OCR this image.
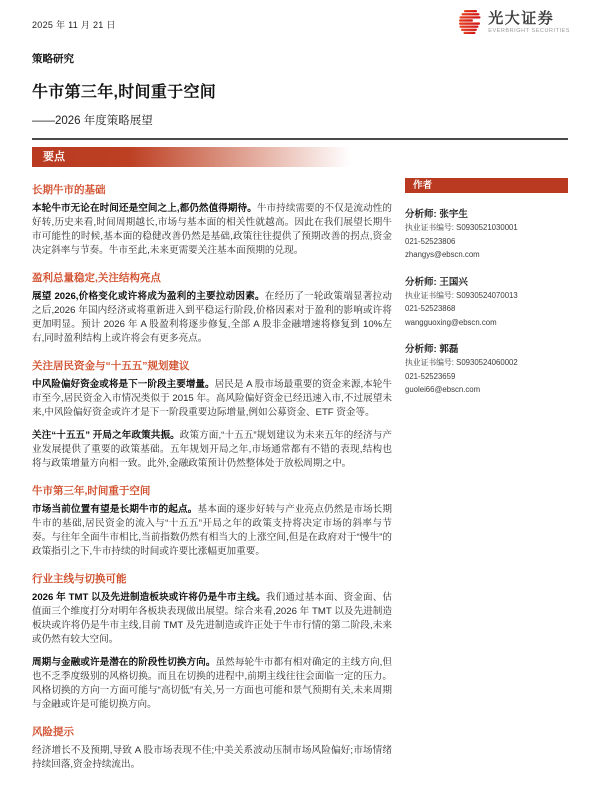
2025 年 11 月 21 日	光大证券
EVERBRIGHT SECURITIES
策略研究
牛市第三年,时间重于空间
——2026 年度策略展望
要点
长期牛市的基础

本轮牛市无论在时间还是空间之上,都仍然值得期待。牛市持续需要的不仅是流动性的好转,历史来看,时间周期越长,市场与基本面的相关性就越高。因此在我们展望长期牛市可能性的时候,基本面的稳健改善仍然是基础,政策往往提供了预期改善的拐点,资金决定斜率与节奏。牛市至此,未来更需要关注基本面预期的兑现。

盈利总量稳定,关注结构亮点

展望 2026,价格变化或许将成为盈利的主要拉动因素。在经历了一轮政策端显著拉动之后,2026 年国内经济或将重新进入到平稳运行阶段,价格因素对于盈利的影响或许将更加明显。预计 2026 年 A 股盈利将逐步修复,全部 A 股非金融增速将修复到 10%左右,同时盈利结构上或许将会有更多亮点。

关注居民资金与“十五五”规划建议

中风险偏好资金或将是下一阶段主要增量。居民是 A 股市场最重要的资金来源,本轮牛市至今,居民资金入市情况类似于 2015 年。高风险偏好资金已经迅速入市,不过展望未来,中风险偏好资金或许才是下一阶段重要边际增量,例如公募资金、ETF 资金等。

关注“十五五” 开局之年政策共振。政策方面,“十五五”规划建议为未来五年的经济与产业发展提供了重要的政策基础。五年规划开局之年,市场通常都有不错的表现,结构也将与政策增量方向相一致。此外,金融政策预计仍然整体处于放松周期之中。

牛市第三年,时间重于空间

市场当前位置有望是长期牛市的起点。基本面的逐步好转与产业亮点仍然是市场长期牛市的基础,居民资金的流入与“十五五”开局之年的政策支持将决定市场的斜率与节奏。与往年全面牛市相比,当前指数仍然有相当大的上涨空间,但是在政府对于“慢牛”的政策指引之下,牛市持续的时间或许要比涨幅更加重要。

行业主线与切换可能

2026 年 TMT 以及先进制造板块或许将仍是牛市主线。我们通过基本面、资金面、估值面三个维度打分对明年各板块表现做出展望。综合来看,2026 年 TMT 以及先进制造板块或许将仍是牛市主线,目前 TMT 及先进制造或许正处于牛市行情的第二阶段,未来或仍然有较大空间。

周期与金融或许是潜在的阶段性切换方向。虽然每轮牛市都有相对确定的主线方向,但也不乏季度级别的风格切换。而且在切换的进程中,前期主线往往会面临一定的压力。风格切换的方向一方面可能与“高切低”有关,另一方面也可能和景气预期有关,未来周期与金融或许是可能切换方向。

风险提示

经济增长不及预期,导致 A 股市场表现不佳;中美关系波动压制市场风险偏好;市场情绪持续回落,资金持续流出。

作者
分析师: 张宇生
执业证书编号: S0930521030001
021-52523806
zhangys@ebscn.com
分析师: 王国兴
执业证书编号: S0930524070013
021-52523868
wangguoxing@ebscn.com
分析师: 郭磊
执业证书编号: S0930524060002
021-52523659
guolei66@ebscn.com
